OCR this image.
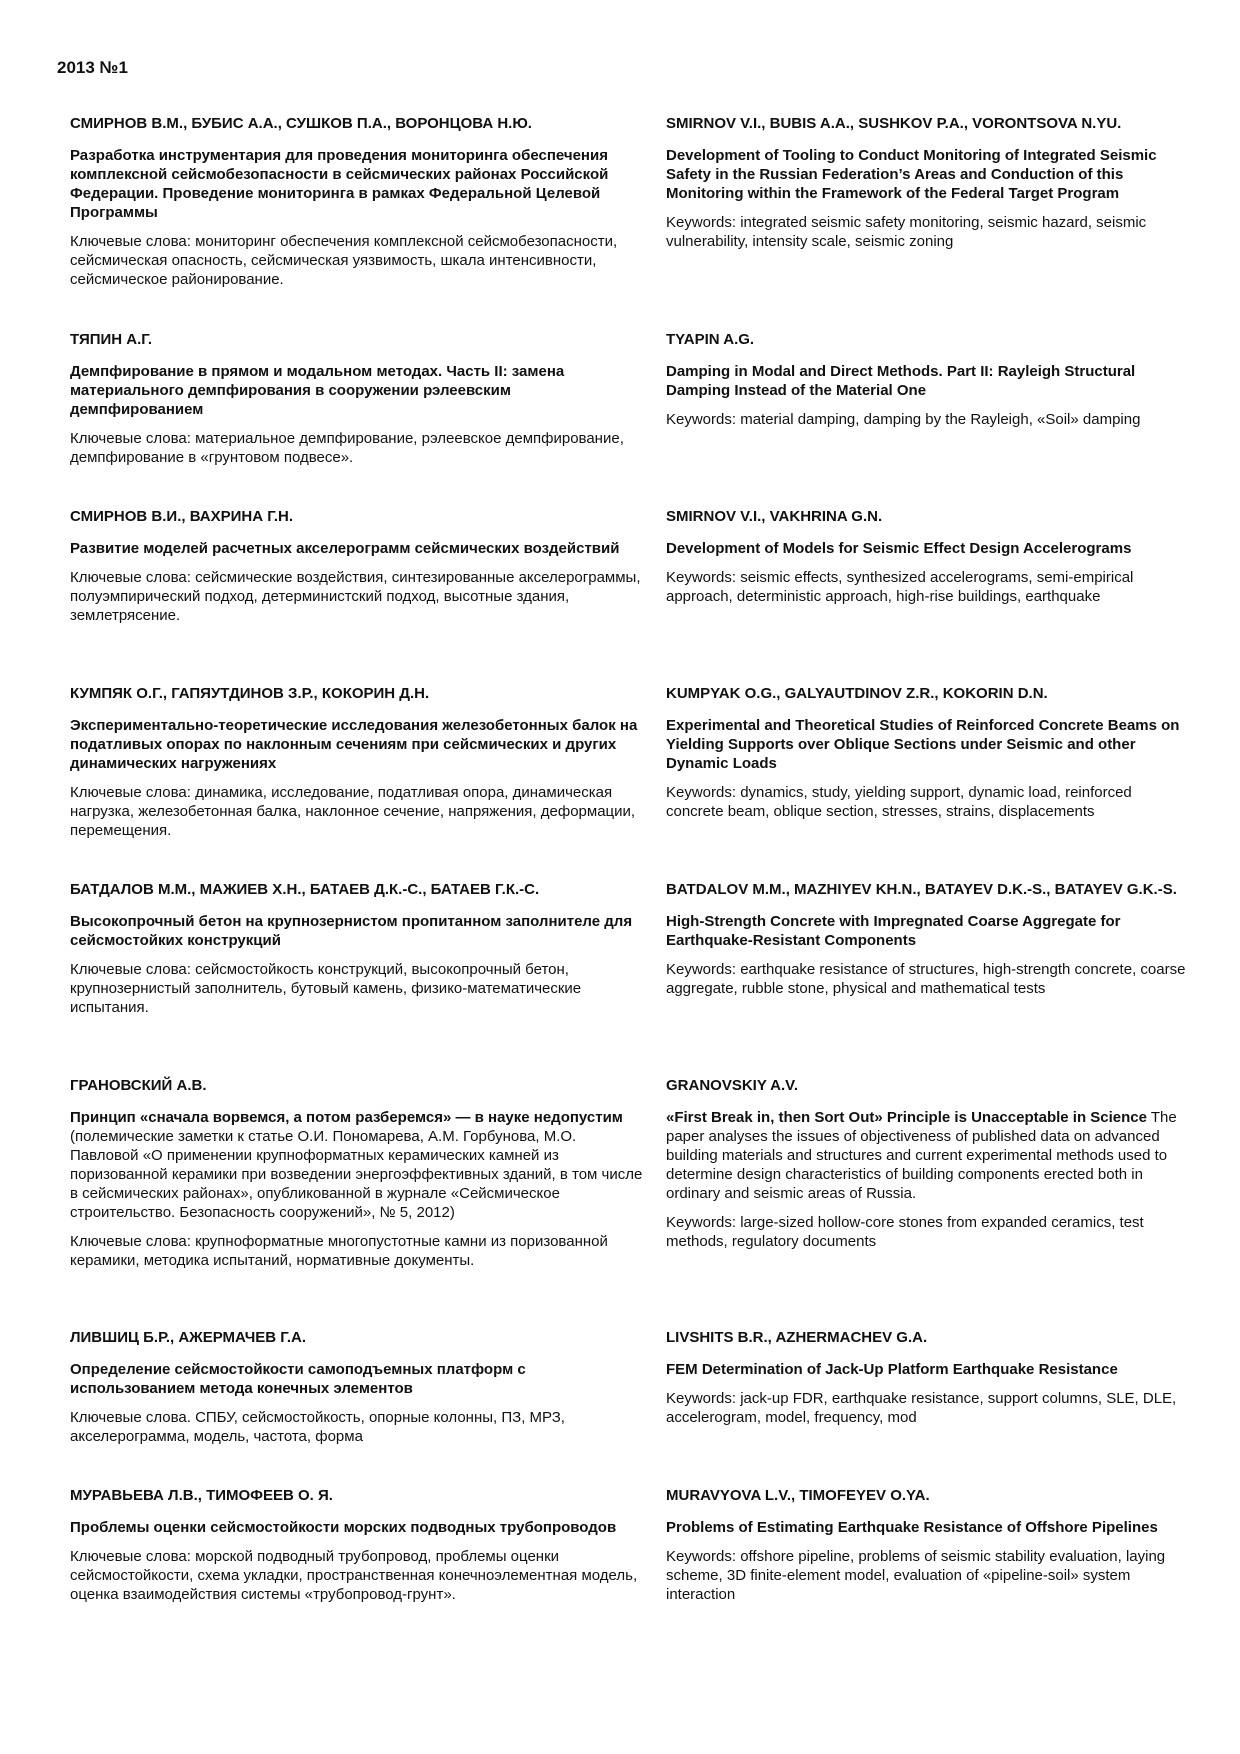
2013 №1

СМИРНОВ В.М., БУБИС А.А., СУШКОВ П.А., ВОРОНЦОВА Н.Ю.

Разработка инструментария для проведения мониторинга обеспечения комплексной сейсмобезопасности в сейсмических районах Российской Федерации. Проведение мониторинга в рамках Федеральной Целевой Программы

Ключевые слова: мониторинг обеспечения комплексной сейсмобезопасности, сейсмическая опасность, сейсмическая уязвимость, шкала интенсивности, сейсмическое районирование.

ТЯПИН А.Г.

Демпфирование в прямом и модальном методах. Часть II: замена материального демпфирования в сооружении рэлеевским демпфированием

Ключевые слова: материальное демпфирование, рэлеевское демпфирование, демпфирование в «грунтовом подвесе».

СМИРНОВ В.И., ВАХРИНА Г.Н.

Развитие моделей расчетных акселерограмм сейсмических воздействий

Ключевые слова: сейсмические воздействия, синтезированные акселерограммы, полуэмпирический подход, детерминистский подход, высотные здания, землетрясение.

КУМПЯК О.Г., ГАПЯУТДИНОВ З.Р., КОКОРИН Д.Н.

Экспериментально-теоретические исследования железобетонных балок на податливых опорах по наклонным сечениям при сейсмических и других динамических нагружениях

Ключевые слова: динамика, исследование, податливая опора, динамическая нагрузка, железобетонная балка, наклонное сечение, напряжения, деформации, перемещения.

БАТДАЛОВ М.М., МАЖИЕВ Х.Н., БАТАЕВ Д.К.-С., БАТАЕВ Г.К.-С.

Высокопрочный бетон на крупнозернистом пропитанном заполнителе для сейсмостойких конструкций

Ключевые слова: сейсмостойкость конструкций, высокопрочный бетон, крупнозернистый заполнитель, бутовый камень, физико-математические испытания.

ГРАНОВСКИЙ А.В.

Принцип «сначала ворвемся, а потом разберемся» — в науке недопустим (полемические заметки к статье О.И. Пономарева, А.М. Горбунова, М.О. Павловой «О применении крупноформатных керамических камней из поризованной керамики при возведении энергоэффективных зданий, в том числе в сейсмических районах», опубликованной в журнале «Сейсмическое строительство. Безопасность сооружений», № 5, 2012)

Ключевые слова: крупноформатные многопустотные камни из поризованной керамики, методика испытаний, нормативные документы.

ЛИВШИЦ Б.Р., АЖЕРМАЧЕВ Г.А.

Определение сейсмостойкости самоподъемных платформ с использованием метода конечных элементов

Ключевые слова. СПБУ, сейсмостойкость, опорные колонны, ПЗ, МРЗ, акселерограмма, модель, частота, форма

МУРАВЬЕВА Л.В., ТИМОФЕЕВ О. Я.

Проблемы оценки сейсмостойкости морских подводных трубопроводов

Ключевые слова: морской подводный трубопровод, проблемы оценки сейсмостойкости, схема укладки, пространственная конечноэлементная модель, оценка взаимодействия системы «трубопровод-грунт».

SMIRNOV V.I., BUBIS A.A., SUSHKOV P.A., VORONTSOVA N.YU.

Development of Tooling to Conduct Monitoring of Integrated Seismic Safety in the Russian Federation’s Areas and Conduction of this Monitoring within the Framework of the Federal Target Program

Keywords: integrated seismic safety monitoring, seismic hazard, seismic vulnerability, intensity scale, seismic zoning

TYAPIN A.G.

Damping in Modal and Direct Methods. Part II: Rayleigh Structural Damping Instead of the Material One

Keywords: material damping, damping by the Rayleigh, «Soil» damping

SMIRNOV V.I., VAKHRINA G.N.

Development of Models for Seismic Effect Design Accelerograms

Keywords: seismic effects, synthesized accelerograms, semi-empirical approach, deterministic approach, high-rise buildings, earthquake

KUMPYAK O.G., GALYAUTDINOV Z.R., KOKORIN D.N.

Experimental and Theoretical Studies of Reinforced Concrete Beams on Yielding Supports over Oblique Sections under Seismic and other Dynamic Loads

Keywords: dynamics, study, yielding support, dynamic load, reinforced concrete beam, oblique section, stresses, strains, displacements

BATDALOV M.M., MAZHIYEV KH.N., BATAYEV D.K.-S., BATAYEV G.K.-S.

High-Strength Concrete with Impregnated Coarse Aggregate for Earthquake-Resistant Components

Keywords: earthquake resistance of structures, high-strength concrete, coarse aggregate, rubble stone, physical and mathematical tests

GRANOVSKIY A.V.

«First Break in, then Sort Out» Principle is Unacceptable in Science The paper analyses the issues of objectiveness of published data on advanced building materials and structures and current experimental methods used to determine design characteristics of building components erected both in ordinary and seismic areas of Russia.

Keywords: large-sized hollow-core stones from expanded ceramics, test methods, regulatory documents

LIVSHITS B.R., AZHERMACHEV G.A.

FEM Determination of Jack-Up Platform Earthquake Resistance

Keywords: jack-up FDR, earthquake resistance, support columns, SLE, DLE, accelerogram, model, frequency, mod

MURAVYOVA L.V., TIMOFEYEV O.YA.

Problems of Estimating Earthquake Resistance of Offshore Pipelines

Keywords: offshore pipeline, problems of seismic stability evaluation, laying scheme, 3D finite-element model, evaluation of «pipeline-soil» system interaction
